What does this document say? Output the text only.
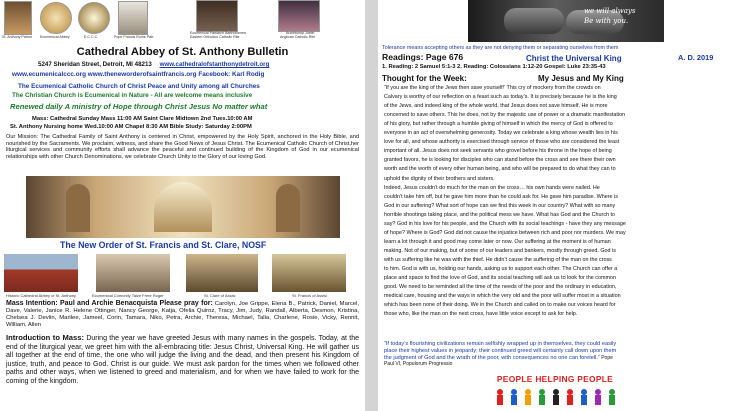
St. Anthony Patron Ecumenical Abbey	E.C.C.C.	Pope Francis Rome Patr.
Ecumenical Patriarch Bartholomew
Eastern Orthodox Catholic Rite
Archbishop Justin
Anglican Catholic Rite
Cathedral Abbey of St. Anthony Bulletin
5247 Sheridan Street, Detroit, MI 48213 www.cathedralofstanthonydetroit.org
www.ecumenicalccc.org www.theneworderofsaintfrancis.org Facebook: Karl Rodig
The Ecumenical Catholic Church of Christ Peace and Unity among all Churches
The Christian Church is Ecumenical in Nature - All are welcome means inclusive
Renewed daily A ministry of Hope through Christ Jesus No matter what
Mass: Cathedral Sunday Mass 11:00 AM Saint Clare Midtown 2nd Tues.10:00 AM
St. Anthony Nursing home Wed.10:00 AM Chapel 8:30 AM Bible Study: Saturday 2:00PM
Our Mission: The Cathedral Family of Saint Anthony is centered in Christ, empowered by the Holy Spirit, anchored in the Holy Bible, and nourished by the Sacraments. We proclaim, witness, and share the Good News of Jesus Christ. The Ecumenical Catholic Church of Christ,her liturgical services and community efforts shall advance the peaceful and continued building of the Kingdom of God in our ecumenical relationships with other Church Denominations, we celebrate Church Unity to the Glory of our loving God.
The New Order of St. Francis and St. Clare, NOSF
Historic Cathedral Abbey of St. Anthony	Ecumenical Comunity Taize Frere Roger	St. Clare of Assisi	St. Francis of Assisi
Mass Intention: Paul and Archie Benacquista Please pray for: Carolyn, Joe Grippe, Elena B., Patrick, Daniel, Marcel, Dave, Valerie, Janice R. Helene Ottinger, Nancy George, Katja, Ofelia Quiroz, Tracy, Jim, Judy, Randall, Alberta, Desmon, Kristina, Chelsea J. Devlin, Marilee, Jameel, Corin, Tamara, Niko, Petra, Archie, Theresa, Michael, Talia, Charlene, Rosie, Vicky, Rennit, William, Allen
Introduction to Mass: During the year we have greeted Jesus with many names in the gospels. Today, at the end of the liturgical year, we greet him with the all-embracing title: Jesus Christ, Universal King. He will gather us all together at the end of time, the one who will judge the living and the dead, and then present his Kingdom of justice, truth, and peace to God. Christ is our guide. We must ask pardon for the times when we followed other paths and other ways, when we listened to greed and materialism, and for when we have failed to work for the coming of the kingdom.
we will always
Be with you.
Tolerance means accepting others as they are not denying them or separating ourselves from them
Readings: Page 676	Christ the Universal King	A. D. 2019
1. Reading: 2 Samuel 5:1-3 2. Reading: Colossians 1:12-20 Gospel: Luke 23:35-43
Thought for the Week:	My Jesus and My King
“If you are the king of the Jews then save yourself!’ This cry of mockery from the crowds on
Calvary is worthy of our reflection on a feast such as today’s. It is precisely because he is the king
of the Jews, and indeed king of the whole world, that Jesus does not save himself. He is more
concerned to save others. This he does, not by the majestic use of power or a dramatic manifestation
of his glory, but rather through a humble giving of himself in which the mercy of God is offered to
everyone in an act of overwhelming generosity. Today we celebrate a king whose wealth lies in his
love for all, and whose authority is exercised through service of those who are considered the least
important of all. Jesus does not seek servants who grovel before his throne in the hope of being
granted favors, he is looking for disciples who can stand before the cross and see there their own
worth and the worth of every other human being, and who will be prepared to do what they can to
uphold the dignity of their brothers and sisters.
Indeed, Jesus couldn’t do much for the man on the cross… his own hands were nailed. He
couldn’t take him off, but he gave him more than he could ask for. He gave him paradise. Where is
God in our suffering? What sort of hope can we find this week in our country? What with so many
horrible shootings taking place, and the political mess we have. What has God and the Church to
say? God in his love for his people, and the Church with its social teachings - have they any message
of hope? Where is God? God did not cause the injustice between rich and poor nor murders. We may
learn a lot through it and good may come later or now. Our suffering at the moment is of human
making. Not of our making, but of some of our leaders and bankers, mostly through greed. God is
with us suffering like he was with the thief. He didn’t cause the suffering of the man on the cross
to him. God is with us, holding our hands, asking us to support each other. The Church can offer a
place and space to find the love of God, and its social teaching will ask us to look for the common
good. We need to be reminded all the time of the needs of the poor and the ordinary in education,
medical care, housing and the ways in which the very old and the poor will suffer most in a situation
which has been none of their doing. We in the Church and called on to make our voices heard for
those who, like the man on the next cross, have little voice except to ask for help.
“If today’s flourishing civilizations remain selfishly wrapped up in themselves, they could easily
place their highest values in jeopardy; their continued greed will certainly call down upon them
the judgment of God and the wrath of the poor, with consequences no one can foretell.” Pope
Paul VI, Populorum Progressio
PEOPLE HELPING PEOPLE
